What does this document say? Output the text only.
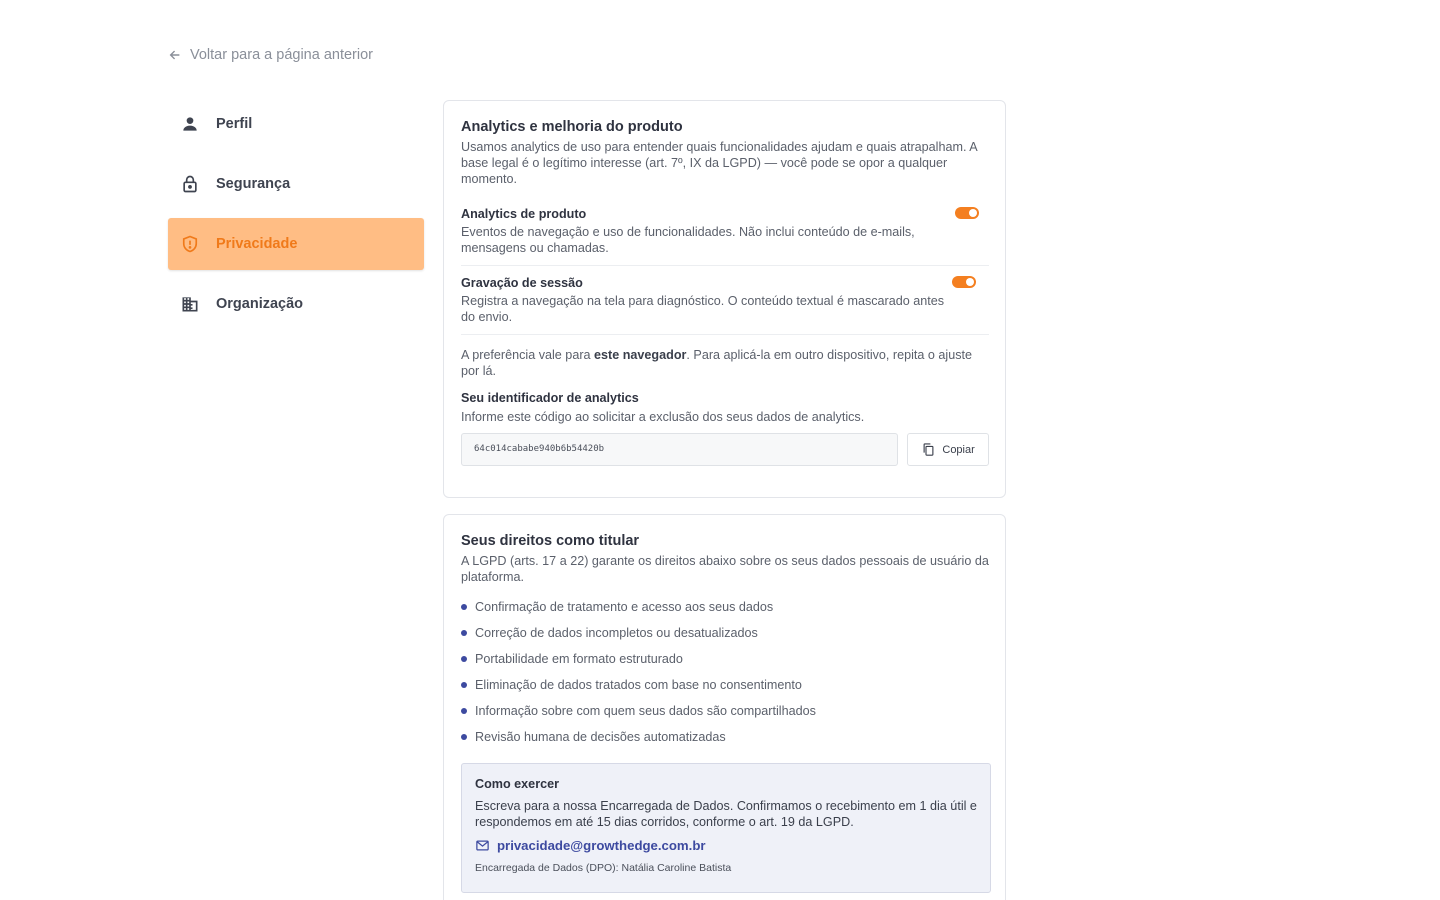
Voltar para a página anterior
Perfil
Segurança
Privacidade
Organização
Analytics e melhoria do produto

Usamos analytics de uso para entender quais funcionalidades ajudam e quais atrapalham. A base legal é o legítimo interesse (art. 7º, IX da LGPD) — você pode se opor a qualquer momento.

Analytics de produto
Eventos de navegação e uso de funcionalidades. Não inclui conteúdo de e-mails, mensagens ou chamadas.
Gravação de sessão
Registra a navegação na tela para diagnóstico. O conteúdo textual é mascarado antes do envio.

A preferência vale para este navegador. Para aplicá-la em outro dispositivo, repita o ajuste por lá.

Seu identificador de analytics
Informe este código ao solicitar a exclusão dos seus dados de analytics.
64c014cababe940b6b54420b	Copiar
Seus direitos como titular

A LGPD (arts. 17 a 22) garante os direitos abaixo sobre os seus dados pessoais de usuário da plataforma.

Confirmação de tratamento e acesso aos seus dados
Correção de dados incompletos ou desatualizados
Portabilidade em formato estruturado
Eliminação de dados tratados com base no consentimento
Informação sobre com quem seus dados são compartilhados
Revisão humana de decisões automatizadas
Como exercer

Escreva para a nossa Encarregada de Dados. Confirmamos o recebimento em 1 dia útil e respondemos em até 15 dias corridos, conforme o art. 19 da LGPD.

privacidade@growthedge.com.br
Encarregada de Dados (DPO): Natália Caroline Batista
